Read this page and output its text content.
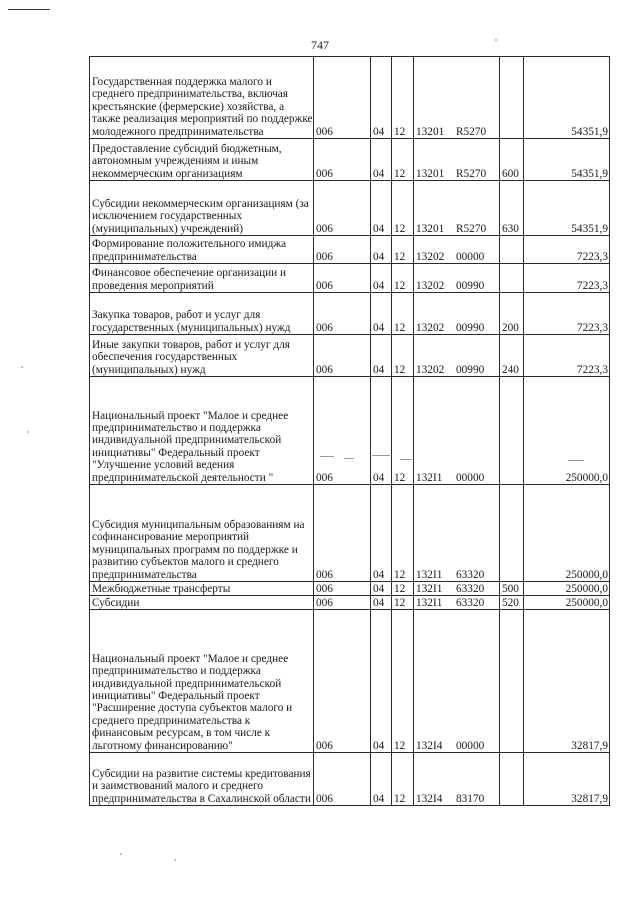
747
Государственная поддержка малого и среднего предпринимательства, включая крестьянские (фермерские) хозяйства, а также реализация мероприятий по поддержке молодежного предпринимательства	006	04	12	13201 R5270		54351,9
Предоставление субсидий бюджетным, автономным учреждениям и иным некоммерческим организациям	006	04	12	13201 R5270	600	54351,9
Субсидии некоммерческим организациям (за исключением государственных (муниципальных) учреждений)	006	04	12	13201 R5270	630	54351,9
Формирование положительного имиджа предпринимательства	006	04	12	13202 00000		7223,3
Финансовое обеспечение организации и проведения мероприятий	006	04	12	13202 00990		7223,3
Закупка товаров, работ и услуг для государственных (муниципальных) нужд	006	04	12	13202 00990	200	7223,3
Иные закупки товаров, работ и услуг для обеспечения государственных (муниципальных) нужд	006	04	12	13202 00990	240	7223,3
Национальный проект "Малое и среднее предпринимательство и поддержка индивидуальной предпринимательской инициативы" Федеральный проект "Улучшение условий ведения предпринимательской деятельности "	006	04	12	132I1 00000		250000,0
Субсидия муниципальным образованиям на софинансирование мероприятий муниципальных программ по поддержке и развитию субъектов малого и среднего предпринимательства	006	04	12	132I1 63320		250000,0
Межбюджетные трансферты	006	04	12	132I1 63320	500	250000,0
Субсидии	006	04	12	132I1 63320	520	250000,0
Национальный проект "Малое и среднее предпринимательство и поддержка индивидуальной предпринимательской инициативы" Федеральный проект "Расширение доступа субъектов малого и среднего предпринимательства к финансовым ресурсам, в том числе к льготному финансированию"	006	04	12	132I4 00000		32817,9
Субсидии на развитие системы кредитования и заимствований малого и среднего предпринимательства в Сахалинской области	006	04	12	132I4 83170		32817,9
